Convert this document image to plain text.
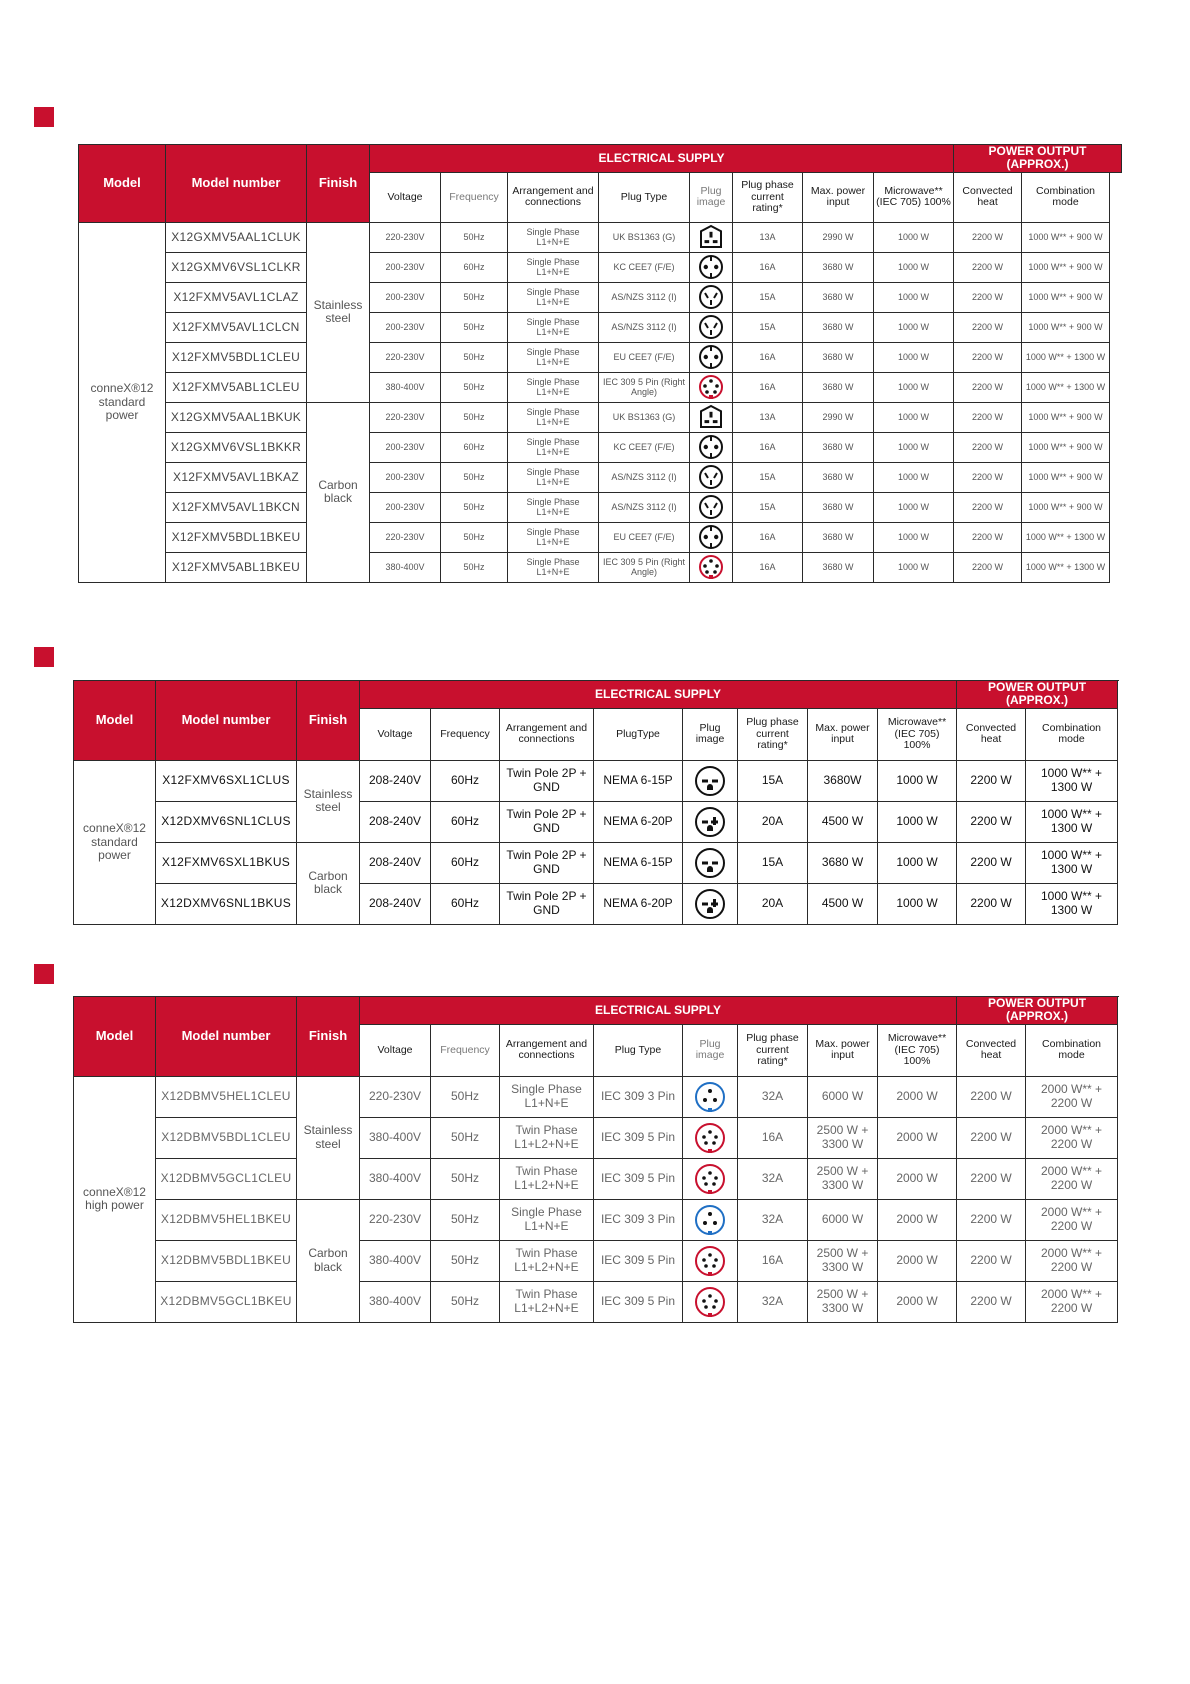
Model	Model number	Finish	ELECTRICAL SUPPLY								POWER OUTPUT (APPROX.)	
			Voltage	Frequency	Arrangement and connections	Plug Type	Plug image	Plug phase current rating*	Max. power input	Microwave** (IEC 705) 100%	Convected heat	Combination mode
conneX®12 standard power	X12GXMV5AAL1CLUK	Stainless steel	220-230V	50Hz	Single Phase L1+N+E	UK BS1363 (G)		13A	2990 W	1000 W	2200 W	1000 W** + 900 W
	X12GXMV6VSL1CLKR		200-230V	60Hz	Single Phase L1+N+E	KC CEE7 (F/E)		16A	3680 W	1000 W	2200 W	1000 W** + 900 W
	X12FXMV5AVL1CLAZ		200-230V	50Hz	Single Phase L1+N+E	AS/NZS 3112 (I)		15A	3680 W	1000 W	2200 W	1000 W** + 900 W
	X12FXMV5AVL1CLCN		200-230V	50Hz	Single Phase L1+N+E	AS/NZS 3112 (I)		15A	3680 W	1000 W	2200 W	1000 W** + 900 W
	X12FXMV5BDL1CLEU		220-230V	50Hz	Single Phase L1+N+E	EU CEE7 (F/E)		16A	3680 W	1000 W	2200 W	1000 W** + 1300 W
	X12FXMV5ABL1CLEU		380-400V	50Hz	Single Phase L1+N+E	IEC 309 5 Pin (Right Angle)		16A	3680 W	1000 W	2200 W	1000 W** + 1300 W
	X12GXMV5AAL1BKUK	Carbon black	220-230V	50Hz	Single Phase L1+N+E	UK BS1363 (G)		13A	2990 W	1000 W	2200 W	1000 W** + 900 W
	X12GXMV6VSL1BKKR		200-230V	60Hz	Single Phase L1+N+E	KC CEE7 (F/E)		16A	3680 W	1000 W	2200 W	1000 W** + 900 W
	X12FXMV5AVL1BKAZ		200-230V	50Hz	Single Phase L1+N+E	AS/NZS 3112 (I)		15A	3680 W	1000 W	2200 W	1000 W** + 900 W
	X12FXMV5AVL1BKCN		200-230V	50Hz	Single Phase L1+N+E	AS/NZS 3112 (I)		15A	3680 W	1000 W	2200 W	1000 W** + 900 W
	X12FXMV5BDL1BKEU		220-230V	50Hz	Single Phase L1+N+E	EU CEE7 (F/E)		16A	3680 W	1000 W	2200 W	1000 W** + 1300 W
	X12FXMV5ABL1BKEU		380-400V	50Hz	Single Phase L1+N+E	IEC 309 5 Pin (Right Angle)		16A	3680 W	1000 W	2200 W	1000 W** + 1300 W
Model	Model number	Finish	ELECTRICAL SUPPLY								POWER OUTPUT (APPROX.)	
			Voltage	Frequency	Arrangement and connections	PlugType	Plug image	Plug phase current rating*	Max. power input	Microwave** (IEC 705) 100%	Convected heat	Combination mode
conneX®12 standard power	X12FXMV6SXL1CLUS	Stainless steel	208-240V	60Hz	Twin Pole 2P + GND	NEMA 6-15P		15A	3680W	1000 W	2200 W	1000 W** + 1300 W
	X12DXMV6SNL1CLUS		208-240V	60Hz	Twin Pole 2P + GND	NEMA 6-20P		20A	4500 W	1000 W	2200 W	1000 W** + 1300 W
	X12FXMV6SXL1BKUS	Carbon black	208-240V	60Hz	Twin Pole 2P + GND	NEMA 6-15P		15A	3680 W	1000 W	2200 W	1000 W** + 1300 W
	X12DXMV6SNL1BKUS		208-240V	60Hz	Twin Pole 2P + GND	NEMA 6-20P		20A	4500 W	1000 W	2200 W	1000 W** + 1300 W
Model	Model number	Finish	ELECTRICAL SUPPLY								POWER OUTPUT (APPROX.)	
			Voltage	Frequency	Arrangement and connections	Plug Type	Plug image	Plug phase current rating*	Max. power input	Microwave** (IEC 705) 100%	Convected heat	Combination mode
conneX®12 high power	X12DBMV5HEL1CLEU	Stainless steel	220-230V	50Hz	Single Phase L1+N+E	IEC 309 3 Pin		32A	6000 W	2000 W	2200 W	2000 W** + 2200 W
	X12DBMV5BDL1CLEU		380-400V	50Hz	Twin Phase L1+L2+N+E	IEC 309 5 Pin		16A	2500 W + 3300 W	2000 W	2200 W	2000 W** + 2200 W
	X12DBMV5GCL1CLEU		380-400V	50Hz	Twin Phase L1+L2+N+E	IEC 309 5 Pin		32A	2500 W + 3300 W	2000 W	2200 W	2000 W** + 2200 W
	X12DBMV5HEL1BKEU	Carbon black	220-230V	50Hz	Single Phase L1+N+E	IEC 309 3 Pin		32A	6000 W	2000 W	2200 W	2000 W** + 2200 W
	X12DBMV5BDL1BKEU		380-400V	50Hz	Twin Phase L1+L2+N+E	IEC 309 5 Pin		16A	2500 W + 3300 W	2000 W	2200 W	2000 W** + 2200 W
	X12DBMV5GCL1BKEU		380-400V	50Hz	Twin Phase L1+L2+N+E	IEC 309 5 Pin		32A	2500 W + 3300 W	2000 W	2200 W	2000 W** + 2200 W
